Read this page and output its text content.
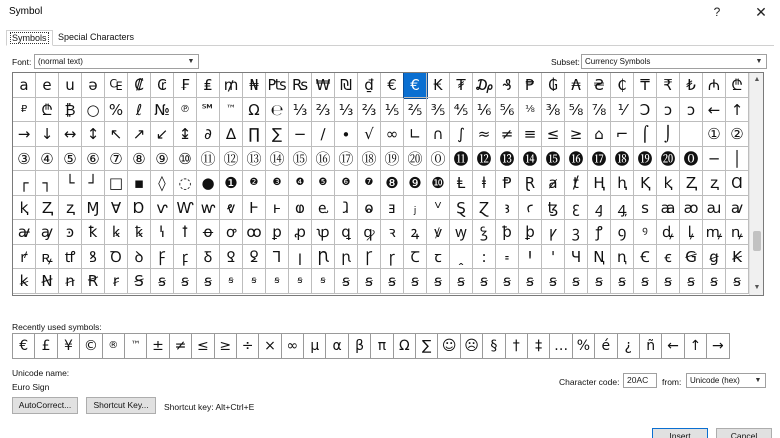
Symbol	?	✕
Symbols	Special Characters
Font: (normal text)	▼	Subset: Currency Symbols	▼
a e u ə ₠ ₡ ₢ ₣ ₤ ₥ ₦ ₧ ₨ ₩ ₪ ₫ € € ₭ ₮ ₯ ₰ ₱ ₲ ₳ ₴ ₵ ₸ ₹ ₺ ₼ ₾
₽ ₾ ₿ ○ % ℓ №	℗ ℠	™ Ω ℮ ⅓ ⅔ ⅓ ⅔ ⅕ ⅖ ⅗ ⅘ ⅙ ⅚	⅛ ⅜ ⅝ ⅞ ⅟ Ↄ ↄ ↄ ← ↑
→ ↓ ↔ ↕ ↖ ↗ ↙ ↨ ∂ ∆ ∏ ∑ − ∕	∙ √ ∞ ∟ ∩ ∫ ≈ ≠ ≡ ≤ ≥ ⌂ ⌐ ⌠	⌡	① ②
③ ④ ⑤ ⑥ ⑦ ⑧ ⑨ ⑩ ⑪ ⑫ ⑬ ⑭ ⑮ ⑯ ⑰ ⑱ ⑲ ⑳ ⓪ ⓫ ⓬ ⓭ ⓮ ⓯ ⓰ ⓱ ⓲ ⓳ ⓴ ⓿ ─ │
┌ ┐ └ ┘ □ ▪ ◊ ◌ ● ❶	❷	❸	❹	❺	❻	❼ ❽ ❾ ❿ Ⱡ	ⱡ	Ᵽ Ɽ ⱥ	ⱦ Ⱨ ⱨ Ⱪ ⱪ Ⱬ ⱬ Ɑ
ⱪ Ⱬ ⱬ Ɱ Ɐ Ɒ ⱱ Ⱳ ⱳ ⱴ Ⱶ ⱶ ⱷ ⱸ ⱹ	ⱺ ⱻ	ⱼ	ⱽ	Ȿ Ɀ	ꜣ	ꜥ ꜩ ꜫ ꜭ ꜯ ꜱ ꜳ ꜵ ꜷ ꜹ
ꜻ ꜽ ꜿ ꝁ ꝃ ꝅ	ꝇ	ꝉ ꝋ ꝍ ꝏ ꝑ ꝓ ꝕ ꝗ ꝙ ꝛ	ꝝ ꝟ ꝡ ꝣ ꝥ ꝧ ꝩ	ꝫ	ꝭ	ꝯ	ꝰ ꝱ ꝲ ꝳ ꝴ
ꝵ ꝶ ꝷ ꝸ Ꝺ ꝺ Ꝼ	ꝼ	Ᵹ Ꝿ ꝿ Ꞁ	ꞁ	Ꞃ ꞃ Ꞅ	ꞅ	Ꞇ ꞇ	ꞈ	꞉	꞊	Ꞌ	ꞌ	Ɥ Ꞑ ꞑ Ꞓ ꞓ Ꞡ ꞡ Ꞣ
ꞣ Ꞥ ꞥ Ꞧ ꞧ	Ꞩ ꞩ	ꞩ	ꞩ	ꞩ	ꞩ	ꞩ	ꞩ	ꞩ	ꞩ	ꞩ	ꞩ	ꞩ	ꞩ	ꞩ	ꞩ	ꞩ	ꞩ	ꞩ	ꞩ	ꞩ	ꞩ	ꞩ	ꞩ	ꞩ	ꞩ	ꞩ
▲
▼
Recently used symbols:
€ £ ¥ ©	®	™ ± ≠ ≤ ≥ ÷ × ∞ µ α β π Ω ∑ ☺ ☹ §	†	‡ … % é	¿	ñ ← ↑ →
Unicode name:
Euro Sign	Character code: 20AC	from:	Unicode (hex) ▼
AutoCorrect...	Shortcut Key...	Shortcut key: Alt+Ctrl+E
Insert	Cancel
